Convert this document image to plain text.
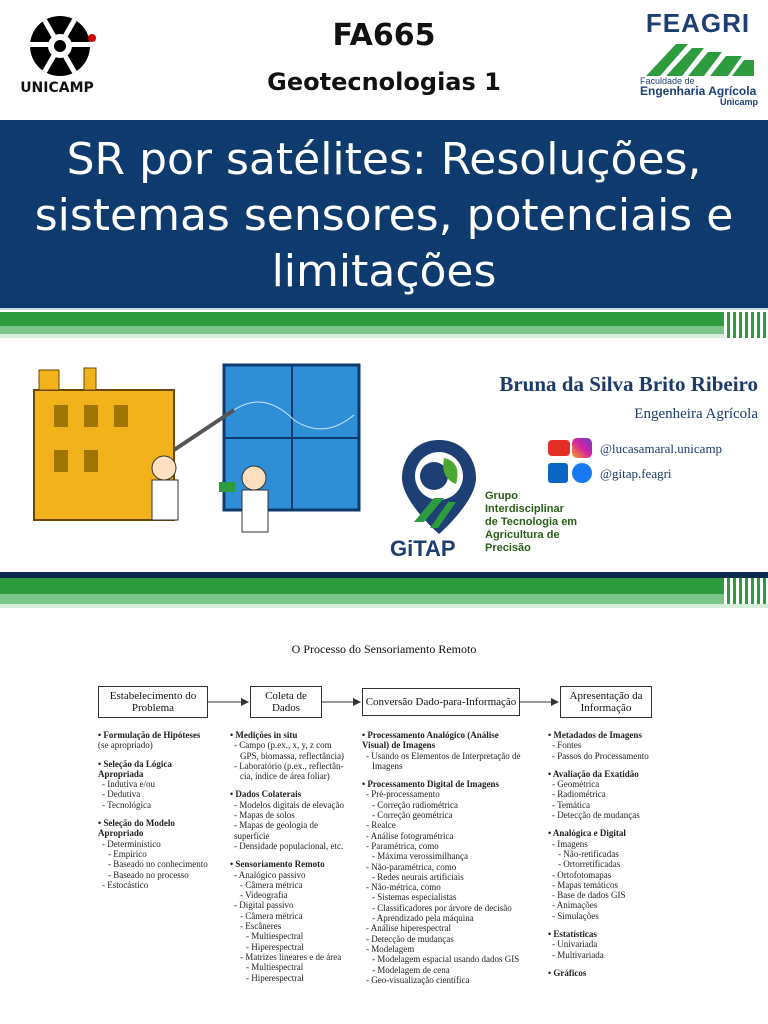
UNICAMP
FA665
Geotecnologias 1
FEAGRI
Faculdade de
Engenharia Agrícola
Unicamp
SR por satélites: Resoluções,
sistemas sensores, potenciais e
limitações
Bruna da Silva Brito Ribeiro
Engenheira Agrícola
@lucasamaral.unicamp
@gitap.feagri
GiTAP
Grupo
Interdisciplinar
de Tecnologia em
Agricultura de
Precisão
O Processo do Sensoriamento Remoto
Estabelecimento do Problema
Coleta de Dados	Conversão Dado-para-Informação	Apresentação da Informação
• Formulação de Hipóteses
(se apropriado)
• Seleção da Lógica
Apropriada
- Indutiva e/ou
- Dedutiva
- Tecnológica
• Seleção do Modelo
Apropriado
- Determinístico
- Empírico
- Baseado no conhecimento
- Baseado no processo
- Estocástico
• Medições in situ
- Campo (p.ex., x, y, z com
GPS, biomassa, reflectância)
- Laboratório (p.ex., reflectân-
cia, índice de área foliar)
• Dados Colaterais
- Modelos digitais de elevação
- Mapas de solos
- Mapas de geologia de
superfície
- Densidade populacional, etc.
• Sensoriamento Remoto
- Analógico passivo
- Câmera métrica
- Videografia
- Digital passivo
- Câmera métrica
- Escâneres
- Multiespectral
- Hiperespectral
- Matrizes lineares e de área
- Multiespectral
- Hiperespectral
• Processamento Analógico (Análise
Visual) de Imagens
- Usando os Elementos de Interpretação de
Imagens
• Processamento Digital de Imagens
- Pré-processamento
- Correção radiométrica
- Correção geométrica
- Realce
- Análise fotogramétrica
- Paramétrica, como
- Máxima verossimilhança
- Não-paramétrica, como
- Redes neurais artificiais
- Não-métrica, como
- Sistemas especialistas
- Classificadores por árvore de decisão
- Aprendizado pela máquina
- Análise hiperespectral
- Detecção de mudanças
- Modelagem
- Modelagem espacial usando dados GIS
- Modelagem de cena
- Geo-visualização científica
• Metadados de Imagens
- Fontes
- Passos do Processamento
• Avaliação da Exatidão
- Geométrica
- Radiométrica
- Temática
- Detecção de mudanças
• Analógica e Digital
- Imagens
- Não-retificadas
- Ortorretificadas
- Ortofotomapas
- Mapas temáticos
- Base de dados GIS
- Animações
- Simulações
• Estatísticas
- Univariada
- Multivariada
• Gráficos
